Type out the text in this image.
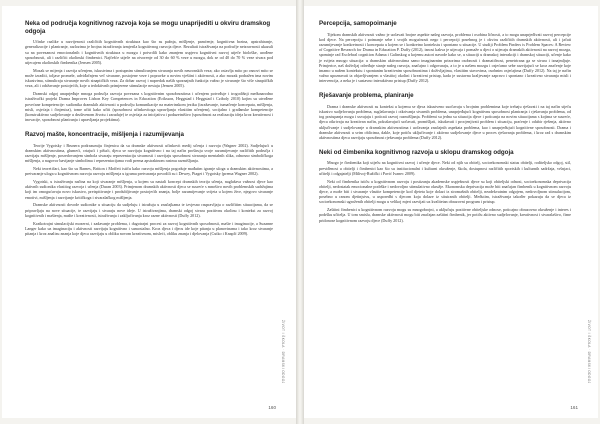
Neka od područja kognitivnog razvoja koja se mogu unaprijediti u okviru dramskog odgoja

Učinke razlike u razvijenosti različitih kognitivnih struktura kao što su pažnja, mišljenje, pamćenje, kognitivna brzina, apstrahiranje, generalizacije i planiranje, razlozima je brojna istraživanja izmjerila kognitivnog razvoja djece. Rezultati istraživanja na područje neizravnosti ukazuli su na povezanost emocionalnih i kognitivnih struktura u mozgu i potvrdili kako znanjem uspjeva kognitivni razvoj utječe biološke, urođene sposobnosti, ali i različiti okolinski čimbenici. Najčešće utječe na otvorenje od 30 do 60 % veze u mozgu, dok se od 40 do 70 % veze stvara pod utjecajem okolinskih čimbenika (Jensen 2005).

Mozak se mijenja i razvija učenjem, iskustvima i postupnim stimuliranjem stvaranja novih neuronskih veza; ako ostavlja mito po osnovi mito se može izraditi, toljase promele, udviđačnjem več stvarane, postojene veze i popravke u novim vještini i aktivnosti, a ako mozak podražen ima novim iskustvima, stimuliraju stvaranje novih sinaptičkih veza. Za dobar razvoj i napredak naših spoznajnih funkcija važno je stvaranje što više sinaptičkih veza, ali i održavanje postojećih, koje u tedoktivnih primjerene stimulacije nestaju (Jensen 2005).

Dramski odgoj unaprjeđuje mnoga područja razvoja povezana s kognitivnim sposobnostima i učenjem potvrđuje i trogodišnji međunarodno istraživački projekt Drama Improves Lisbon Key Competences in Education (Eriksson, Heggstad i Heggstad i Cziboly 2010) kojim su utvrđene povećane kompetencije: sudionika dramskih aktivnosti u području komunikacije na materinskom jeziku (izražavanje, tumačenje koncepata, mišljenja, misli, osjećaja i činjenica), tome učiti kako učiti (sposobnost učinkovitoga upravljanja vlastitim učenjem), socijalno i građanske kompetencije (konstruktivno sudjelovanje u društvenom životu i zaraduje) te osjećaja za inicijativu i poduzetništvo (sposobnost za realizaciju ideja kroz kreativnost i inovacije, sposobnost planiranja i upravljanja projektima).

Razvoj mašte, koncentracije, mišljenja i razumijevanja

Teorije Vygotsky i Brunera podrazumiju činjenicu da su dramske aktivnosti učinkovit medij učenja i razvoja (Wagner 2002). Sudjelujući u dramskim aktivnostima, glumeći, crtajući i pišući, djeca se razvijaju kognitivno i na taj način proširuju svoje razumijevanje različitih područja i razvijaju mišljenje, posredovanjem simbola stvaraju reprezentaciju stvarnosti i razvijaju sposobnost stvaranja mentalnih slika, odnosno simboličkoga mišljenja, a nagovor bavijanje simbolima i reprezentacijama vodi prema apstraktnom rastmu razmišljanja.

Neki teoretičari, kao što su Barnes, Britton i Moffett ističu kako razvoju mišljenja pogoduje mađutim igranje uloga u dramskim aktivnostima, a pretvaranje uloga u kognitivnom razvoju razvoju mišljenja u igrama pretvaranja povodili su i Dewey, Piaget i Vygotsky (prema Wagner 2002).

Vygotski, u istraživanju načina na koji stvaranje mišljenja, u kojem su nastali koncept dramskih teorija učenja, naglašava važnost djece kao aktivnih sudionika vlastitog razvoja i učenja (Duran 2003). Primjenom dramskih aktivnosti djeca se susreće s mnoštvo novih problemskih sadržajima koji im omogućavaju novo iskustvo, preispitivanje i produbljivanje postojećih znanja, bolje razumijevanje svijeta u kojem žive, njegovo stvaranje emotivi, mišljenja i razvijanje kritičkoga i stvaralačkog mišljenja.

Dramske aktivnosti dovode sudionike u situaciju da sudjeluju i istražuju u značajkama te izvjesno raspravljaju o različitim situacijama, da se pripravljaju na nove situacije, te razvijaju i stvaraju nove ideje. U istraživanjima, dramski odgoj stvara pozitivnu okolinu i kontekst za razvoj kognitivnih i maštenja, mašte i kreativnosti, istraživanja i zaključivanja kroz razne aktivnosti (Duffy 2012).

Kratkotrajni simulacijski mozerni, i zadavanje problema, i dugotrajni procesi za razvoj kognitivnih sposobnosti, mašte i imaginacije, a Suzanne Langer kako uz imaginaciju i aktivnosti razvijaju kognitivno i samostalno. Kroz djeca i djecu ide koje pitanja u planovinama i tako kroz stvaranje pitanja i kroz analizu znanja koje djeca razvijaju u obliku novom kreativnom, misleći, obliku znanja i djelovanja (Cutko i Knaplć 2009).

ŽIVOT I ŠKOLA · DRAMSKI ODGOJ
160
Percepcija, samopoimanje

Tijekom dramskih aktivnosti važno je uočavati brojne aspekte našeg razvoja, problema i osobina ličnosti, a to mogu unaprjeđivati razvoj percepcije kod djece. Na percepciju i poimanje sebe i svojih mogućnosti nego i percepciji posebnog je i okviru različitih dramskih aktivnosti, ali i jačati razumijevanje konkretnosti i koncepata u kojem se i konkretno kontekstu i spontano u situacije. U studiji Problem Finders is Problem Spaces: A Review of Cognitive Research for Drama in Education P. Duffy (2012), iznosi kakva je utjecaja i pomaže u djeci o utjecaju dramskih aktivnosti na razvoj mozga, spominje rad Exclebral cognition Adama i Galinskog u kojemu autori navode kako se, u situaciji u dramskoj interakciji i dramskoj situaciji, učenje kako je svijeta mnogo situacija: u dramskim aktivnostima samo imaginarnim prizorima osobnosti i dramatičnost, penetrirana ga se stvara i iznajmljuje. Primjerice, naš doživljaj određuje stanje našeg razvoja, značajno i odgovaraju, a to je u našem mozgu i osjećamo sebe razvijajući se kroz značenje koje imamo u našem kontekstu i spontanim kreativnim sposobnostima i doživljajima, vlastitim stavovima, osobnim osjećajima (Duffy 2012). Na taj je način važno upoznavati ta objavljivanjem u vlastitoj okolini i kreativni pristup, kada je sustavna kraljevanje zapravo i spontano i kreativno stvaranja misli i intervencija, a neka je i sustavno interaktivno pristup (Duffy 2012).

Rješavanje problema, planiranje

Drama i dramske aktivnosti su kontekst u kojemu se djeca iskustveno suočavaju s brojnim problemima koje trebaju rješavati i na taj način stječu iskustvo sudjelovanja problema, suglašavanja i otkrivanja stvarnih problema, unaprjeđujući kognitivnu sposobnost planiranja i rješavanja problema, od tog postupanja mogu i usvajaju i poticati razvoj razmišljanja. Problemi su jedna su situacija djece i poticanja na novim situacijama s kojima se susreće, djeca otkrivaju na kreativan način, pokušavajući uočavati, promišljati, iskušavati i procjenjivati problem i situaciju, praćenje i odabir rješenja, aktivno uključivanje i sudjelovanje u dramskim aktivnostima i uočavanja značajnih aspekata problema, kao i unaprjeđujući kognitivne sposobnosti. Drama i dramske aktivnosti u svim oblicima, dakle, koje potiču uključivanje i aktivno sudjelovanje djece u proces rješavanja problema, i kroz rad s dramskim aktivnostima djeca razvijaju sposobnost rješavanja problema (Duffy 2012).

Neki od čimbenika kognitivnog razvoja u sklopu dramskog odgoja

Mnogo je čimbenika koji utječu na kognitivni razvoj i učenje djece. Neki od njih su obitelj, socioekonomski status obitelji, roditeljsko odgoj, stil, previđenost u obitelji i čimbenici kao što su institucionalni i kulturni okruženje, škola, dostupnost različitih sportskih i kulturnih sadržaja, vršnjaci, učitelji i odgajatelji (Milivoj-Ružički i Pavić Ivanec 2009).

Neki od čimbenika ističu u kognitivnom razvoju i postizanju akademske uspješnosti djece su koji obiteljski odnosi, socioekonomska deprivacija obitelji, nedostatak emocionalne podrške i nedovoljno stimulativno okružje. Ekonomska deprivacija može biti značajan čimbenik u kognitivnom razvoju djece, a može biti i stvaranje vlastite kompetencije kod djeteta koje dolazi iz siromašnih obitelji, neadekvatnim odgojem, nedovoljnom stimulacijom, posebno u ranom djetinjstvu, u usporedbi s djecom koja dolaze iz situiranih obitelji. Međutim, istraživanja također pokazuju da se djeca iz socioekonomski ugroženih obitelji mogu u velikoj mjeri razvijati uz kvalitetan obrazovni program i pristup.

Zaštitni čimbenici u kognitivnom razvoju mogu su mnogobrojni, a uključuju pozitivne obiteljske odnose, poticajno obrazovno okruženje i interes i podršku učitelja. U tom smislu, dramske aktivnosti mogu biti značajan zaštitni čimbenik, jer potiču aktivno sudjelovanje, kreativnost i stvaralaštvo, čime pridonose kognitivnom razvoju djece (Duffy 2012).

ŽIVOT I ŠKOLA · DRAMSKI ODGOJ
161
